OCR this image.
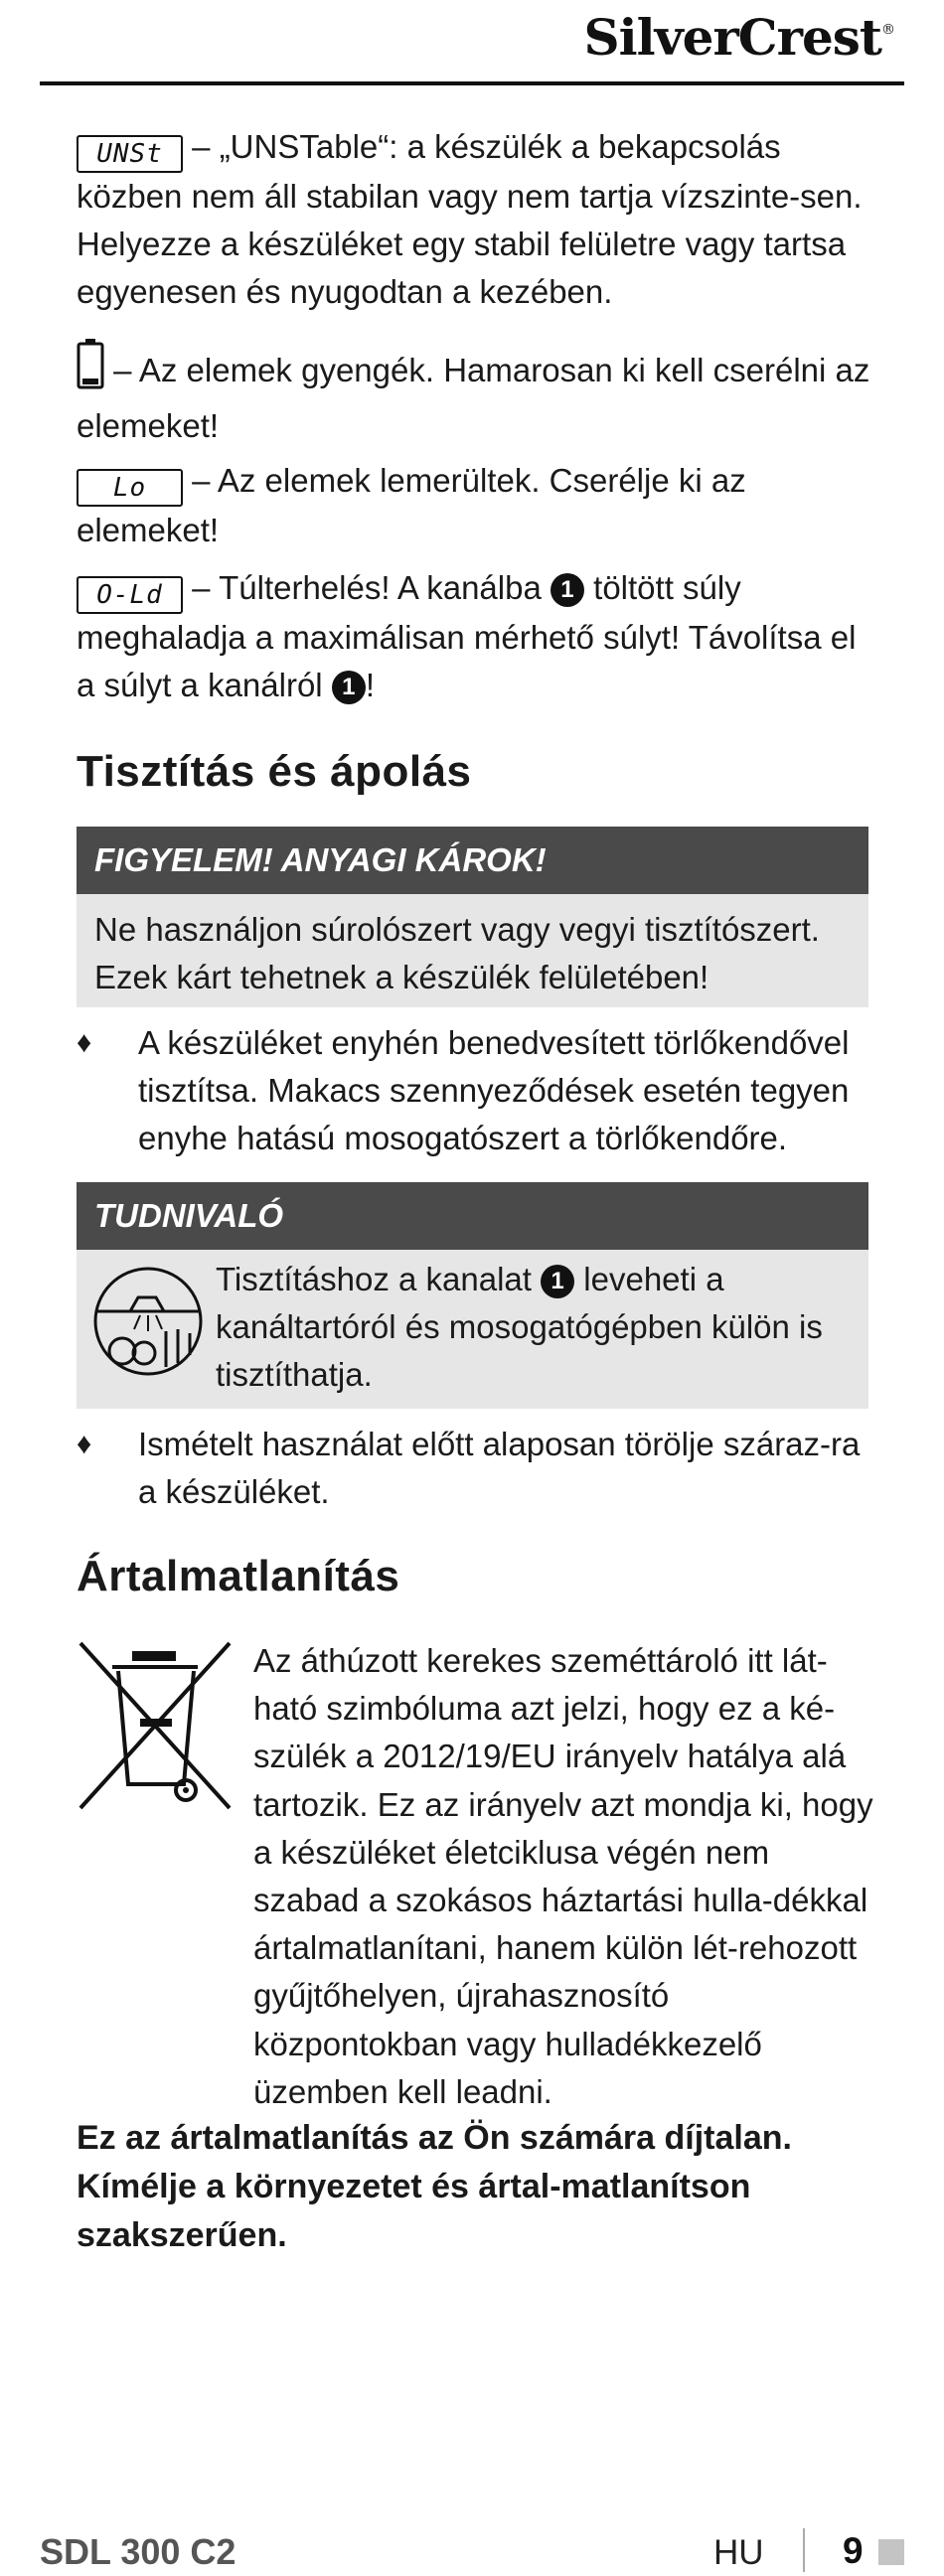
SilverCrest®
UNSt – „UNSTable“: a készülék a bekapcsolás közben nem áll stabilan vagy nem tartja vízszinte-sen. Helyezze a készüléket egy stabil felületre vagy tartsa egyenesen és nyugodtan a kezében.
– Az elemek gyengék. Hamarosan ki kell cserélni az elemeket!
Lo – Az elemek lemerültek. Cserélje ki az elemeket!
O-Ld – Túlterhelés! A kanálba 1 töltött súly meghaladja a maximálisan mérhető súlyt! Távolítsa el a súlyt a kanálról 1 !
Tisztítás és ápolás
FIGYELEM! ANYAGI KÁROK!
Ne használjon súrolószert vagy vegyi tisztítószert. Ezek kárt tehetnek a készülék felületében!
♦	A készüléket enyhén benedvesített törlőkendővel tisztítsa. Makacs szennyeződések esetén tegyen enyhe hatású mosogatószert a törlőkendőre.
TUDNIVALÓ
Tisztításhoz a kanalat 1 leveheti a kanáltartóról és mosogatógépben külön is tisztíthatja.
♦	Ismételt használat előtt alaposan törölje száraz-ra a készüléket.
Ártalmatlanítás
Az áthúzott kerekes szeméttároló itt lát-ható szimbóluma azt jelzi, hogy ez a ké-szülék a 2012/19/EU irányelv hatálya alá tartozik. Ez az irányelv azt mondja ki, hogy a készüléket életciklusa végén nem szabad a szokásos háztartási hulla-dékkal ártalmatlanítani, hanem külön lét-rehozott gyűjtőhelyen, újrahasznosító központokban vagy hulladékkezelő üzemben kell leadni.
Ez az ártalmatlanítás az Ön számára díjtalan. Kímélje a környezetet és ártal-matlanítson szakszerűen.
SDL 300 C2	HU 9
